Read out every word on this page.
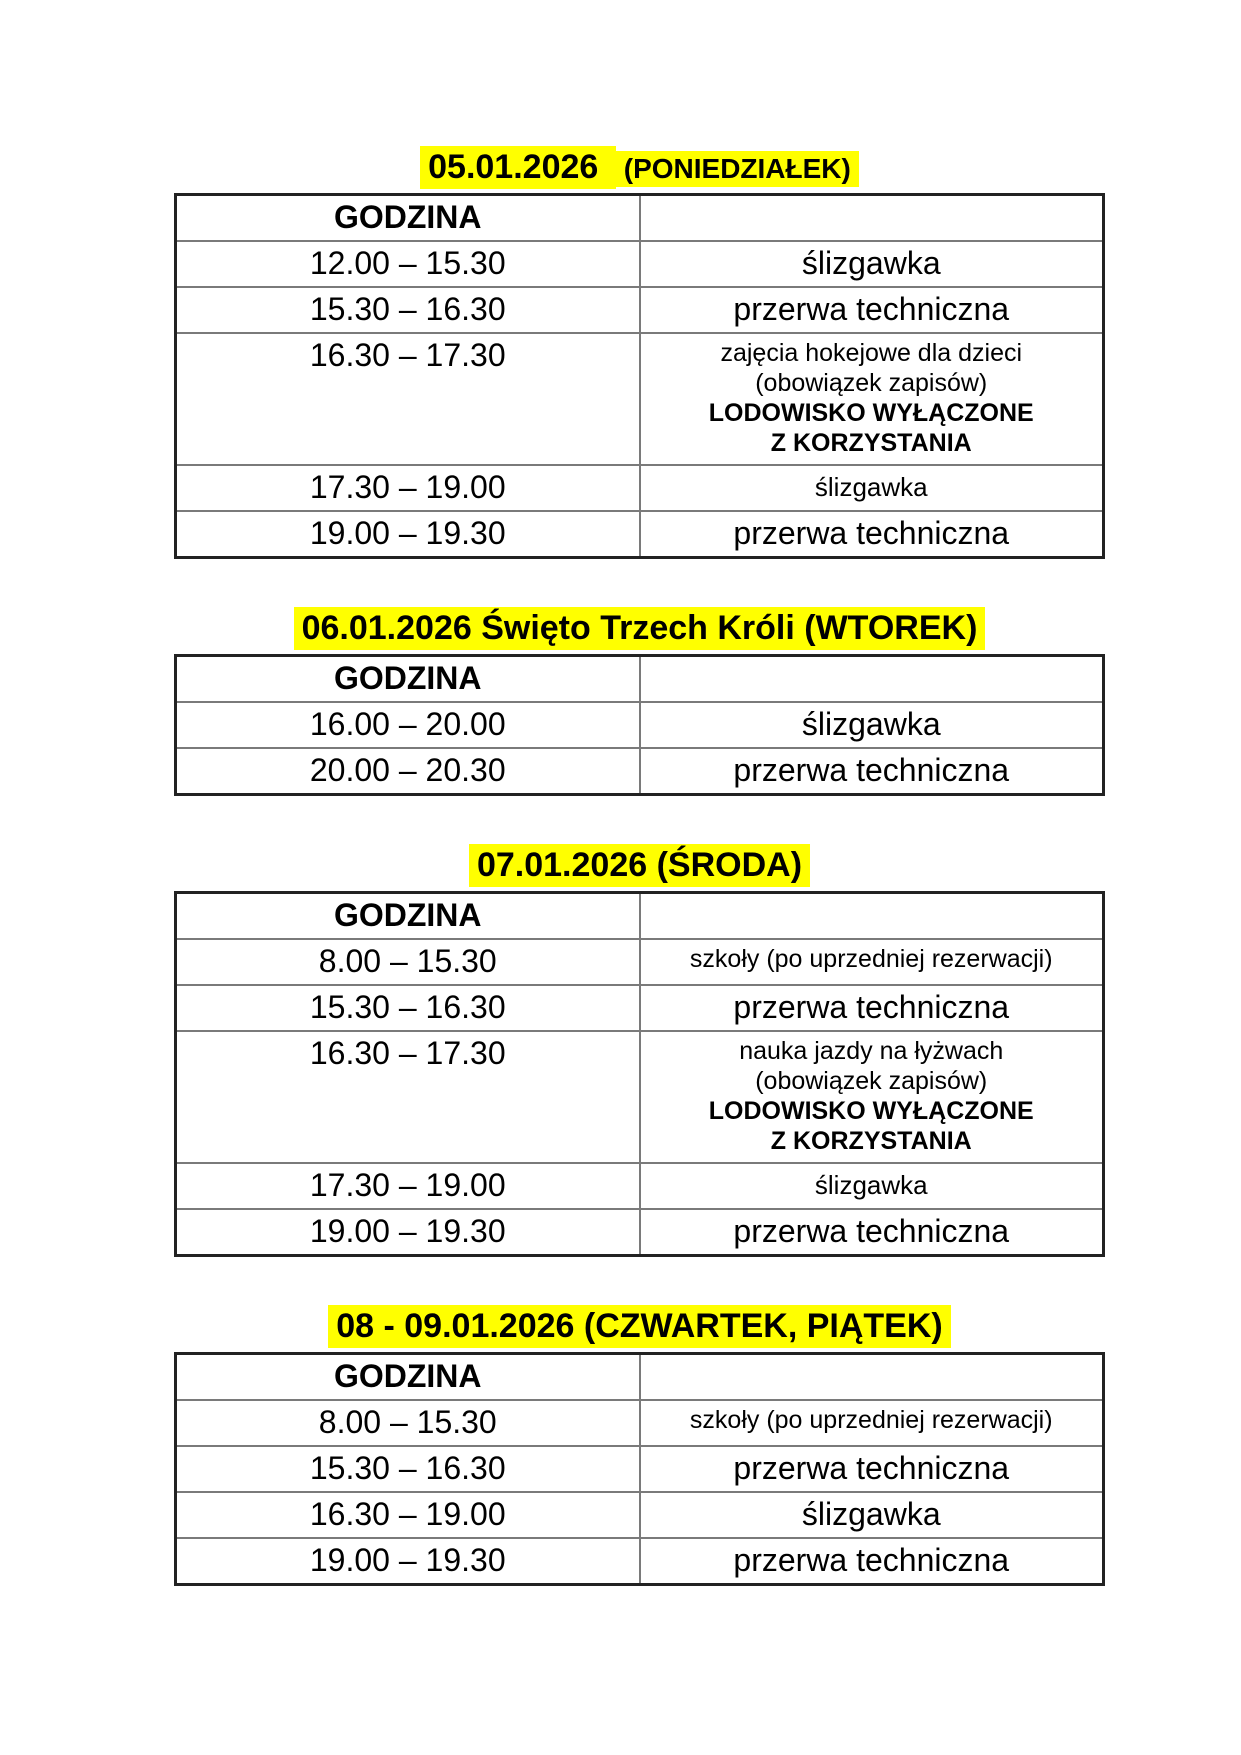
05.01.2026 (PONIEDZIAŁEK)
GODZINA	
12.00 – 15.30	ślizgawka

15.30 – 16.30	przerwa techniczna

16.30 – 17.30	zajęcia hokejowe dla dzieci
(obowiązek zapisów)
LODOWISKO WYŁĄCZONE
Z KORZYSTANIA

17.30 – 19.00	ślizgawka

19.00 – 19.30	przerwa techniczna
06.01.2026 Święto Trzech Króli (WTOREK)
GODZINA	
16.00 – 20.00	ślizgawka

20.00 – 20.30	przerwa techniczna
07.01.2026 (ŚRODA)
GODZINA	
8.00 – 15.30	szkoły (po uprzedniej rezerwacji)

15.30 – 16.30	przerwa techniczna

16.30 – 17.30	nauka jazdy na łyżwach
(obowiązek zapisów)
LODOWISKO WYŁĄCZONE
Z KORZYSTANIA

17.30 – 19.00	ślizgawka

19.00 – 19.30	przerwa techniczna
08 - 09.01.2026 (CZWARTEK, PIĄTEK)
GODZINA	
8.00 – 15.30	szkoły (po uprzedniej rezerwacji)

15.30 – 16.30	przerwa techniczna

16.30 – 19.00	ślizgawka

19.00 – 19.30	przerwa techniczna
